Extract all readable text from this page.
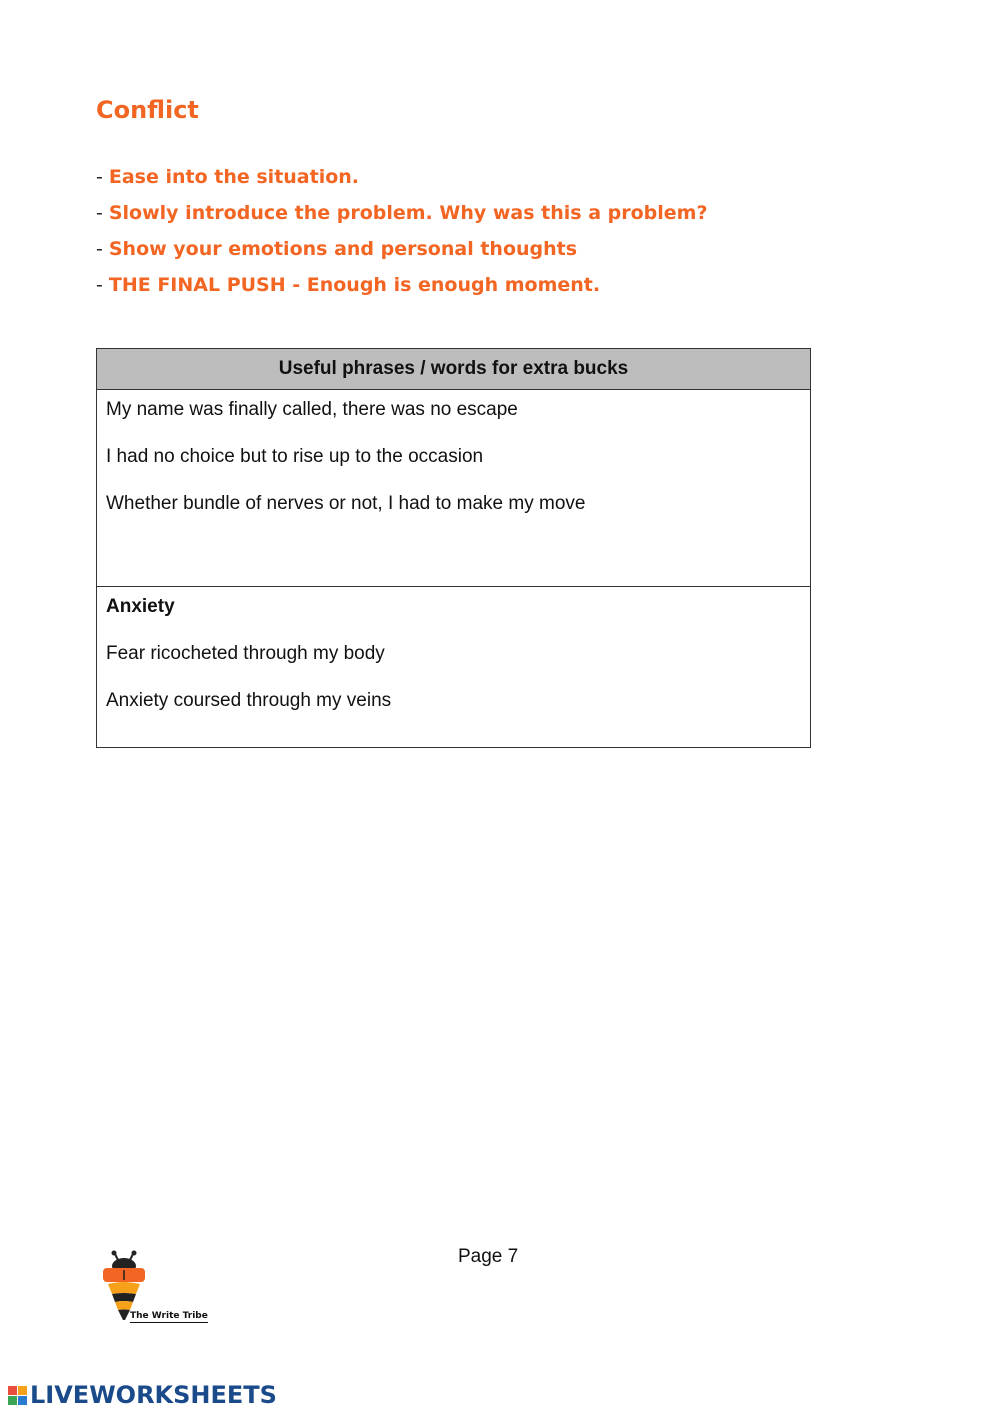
Conflict
- Ease into the situation.
- Slowly introduce the problem. Why was this a problem?
- Show your emotions and personal thoughts
- THE FINAL PUSH - Enough is enough moment.
Useful phrases / words for extra bucks

My name was finally called, there was no escape

I had no choice but to rise up to the occasion

Whether bundle of nerves or not, I had to make my move

Anxiety

Fear ricocheted through my body

Anxiety coursed through my veins

Page 7
The Write Tribe
LIVEWORKSHEETS
